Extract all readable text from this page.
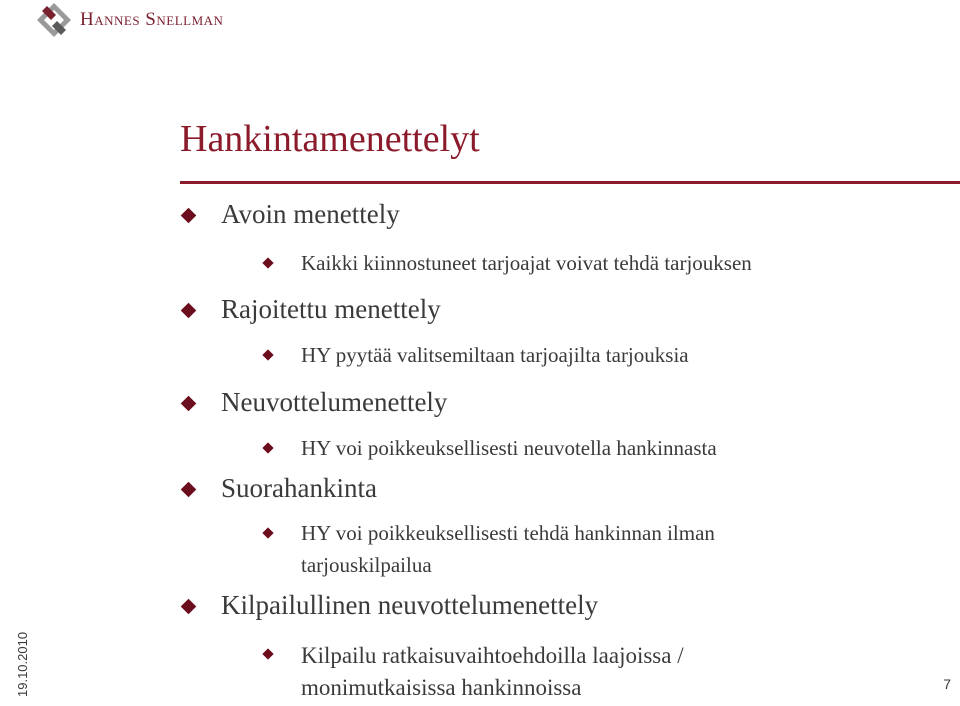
Hannes Snellman
Hankintamenettelyt
Avoin menettely
Kaikki kiinnostuneet tarjoajat voivat tehdä tarjouksen
Rajoitettu menettely
HY pyytää valitsemiltaan tarjoajilta tarjouksia
Neuvottelumenettely
HY voi poikkeuksellisesti neuvotella hankinnasta
Suorahankinta
HY voi poikkeuksellisesti tehdä hankinnan ilman
tarjouskilpailua
Kilpailullinen neuvottelumenettely
Kilpailu ratkaisuvaihtoehdoilla laajoissa /
monimutkaisissa hankinnoissa
19.10.2010	7
